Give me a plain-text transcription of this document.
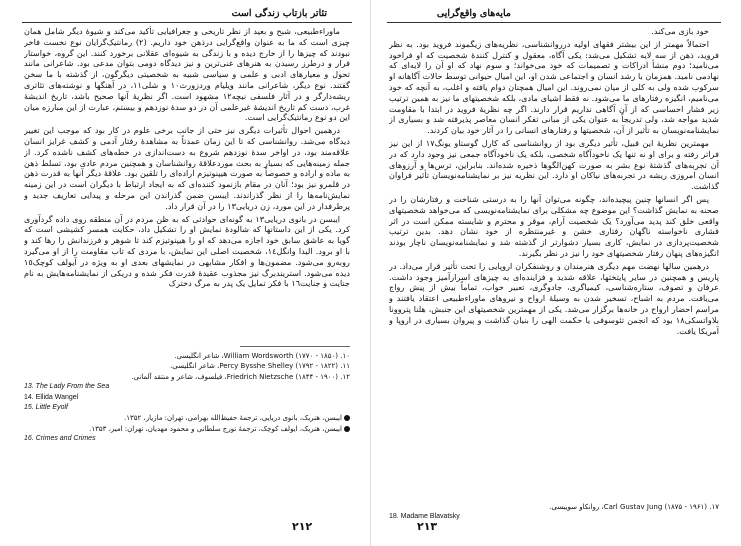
تئاتر بازتاب زندگی است

ماوراءطبیعی، شبح و بعید از نظر تاریخی و جغرافیایی تأکید می‌کند و شیوهٔ دیگر شامل همان چیزی است که ما به عنوان واقع‌گرایی درذهن خود داریم. (۲) رمانتیک‌گرایان نوع نخست فاخر نبودند که چیزها را از خارج دیده و با زندگی به شیوه‌ای عقلانی برخورد کنند. این گروه، خواستار فرار و درطرز رسیدن به هنرهای غنی‌ترین و نیز دیدگاه دومی بتوان مدعی بود. شاعرانی مانند تحول و معیارهای ادبی و علمی و سیاسی شبیه به شخصیتی دیگرگون، از گذشته با ما سخن گفتند. نوع دیگر، شاعرانی مانند ویلیام وردزورث١٠ و شلی١١، در آهنگها و نوشته‌های تئاتری ریشه‌دارگر و در آثار فلسفی نیچه١٢ مشهود است. اگر نظریهٔ آنها صحیح باشد، تاریخ اندیشهٔ غرب، دست کم تاریخ اندیشهٔ غیرعلمی آن در دو سدهٔ نوزدهم و بیستم، عبارت از این مبارزه میان این دو نوع رمانتیک‌گرایی است.

درهمین احوال تأثیرات دیگری نیز حتی از جانب برخی علوم در کار بود که موجب این تغییر دیدگاه می‌شد. روانشناسی که تا این زمان عمدتاً به مشاهدهٔ رفتار آدمی و کشف غرایز انسان علاقه‌مند بود، در اواخر سدهٔ نوزدهم شروع به دست‌اندازی در خطه‌های کشف ناشده کرد. از جمله زمینه‌هایی که بسیار به بحث موردعلاقهٔ روانشناسان و همچنین مردم عادی بود، تسلط ذهن به ماده و اراده و خصوصاً به صورت هیپنوتیزم اراده‌ای را تلقین بود. علاقهٔ دیگر آنها به قدرت ذهن در قلمرو نیز بود؛ آنان در مقام بازنمود کننده‌ای که به ایجاد ارتباط با دیگران است در این زمینه نمایش‌نامه‌ها را از نظر گذراندند. ایبسن ضمن گذراندن این مرحله و پیدایی تعاریف جدید و پرطرفدار در این مورد، زن دریایی١٣ را در آن قرار داد.

ایبسن در بانوی دریایی١٣ به گونه‌ای حوادثی که به ظن مردم در آن منطقه روی داده گردآوری کرد. یکی از این داستانها که شالودهٔ نمایش او را تشکیل داد، حکایت همسر کشیشی است که گویا به عاشق سابق خود اجازه می‌دهد که او را هیپنوتیزم کند تا شوهر و فرزندانش را رها کند و با او برود. الیدا وانگل١٤، شخصیت اصلی این نمایش، با مردی که تاب مقاومت را از او می‌گیرد روبه‌رو می‌شود. مضمون‌ها و افکار مشابهی در نمایشهای بعدی او به ویژه در آیولف کوچک١٥ دیده می‌شود. استریندبرگ نیز مجذوب عقیدهٔ قدرت فکر شده و دریکی از نمایشنامه‌هایش به نام جنایت و جنایت١٦ با فکر تمایل یک پدر به مرگ دخترک

۱۰. William Wordsworth (۱۷۷۰ - ۱۸۵۰)، شاعر انگلیسی.
۱۱. Percy Bysshe Shelley (۱۷۹۲ - ۱۸۲۲)، شاعر انگلیسی.
۱۲. Friedrich Nietzsche (۱۸۴۴ - ۱۹۰۰)، فیلسوف، شاعر و منتقد آلمانی.
13. The Lady From the Sea
14. Ellida Wangel
15. Little Eyolf
ایبسن، هنریک، بانوی دریایی، ترجمهٔ حفیظ‌الله بهرامی، تهران: مازیار، ۱۳۵۲.
ایبسن، هنریک، ایولف کوچک، ترجمهٔ تورج سلطانی و محمود مهدیان، تهران: امیر، ۱۳۵۳.
16. Crimes and Crimes
۲۱۲
مایه‌های واقع‌گرایی

خود بازی می‌کند.

احتمالاً مهمتر از این بیشتر فقهای اولیه درروانشناسی، نظریه‌های زیگموند فروید بود. به نظر فروید، ذهن از سه لایه تشکیل می‌شد: یکی آگاه، معقول و کنترل کنندهٔ شخصیت که او فراخود می‌نامید؛ دوم منشأ ادراکات و تصمیمات که خود می‌خواند؛ و سوم نهاد که او آن را لایه‌ای که نهادمی نامید. همزمان با رشد انسان و اجتماعی شدن او، این امیال حیوانی توسط حالات آگاهانه او سرکوب شده ولی به کلی از میان نمی‌روند. این امیال همچنان دوام یافته و اغلب، به آنچه که خود می‌نامیم، انگیزه رفتارهای ما می‌شود. نه فقط اشیای مادی، بلکه شخصیتهای ما نیز به همین ترتیب زیر فشار احساسی که از آن آگاهی نداریم قرار دارند. اگر چه نظریهٔ فروید در ابتدا با مقاومت شدید مواجه شد، ولی تدریجاً به عنوان یکی از مبانی تفکر انسان معاصر پذیرفته شد و بسیاری از نمایشنامه‌نویسان به تأثیر از آن، شخصیتها و رفتارهای انسانی را در آثار خود بیان کردند.

مهمترین نظریهٔ این قبیل، تأثیر دیگری بود از روانشناسی که کارل گوستاو یونگ١٧ از این نیز فراتر رفته و برای او نه تنها یک ناخودآگاه شخصی، بلکه یک ناخودآگاه جمعی نیز وجود دارد که در آن تجربه‌های گذشتهٔ نوع بشر به صورت کهن‌الگوها ذخیره شده‌اند. بنابراین، ترس‌ها و آرزوهای انسان امروزی ریشه در تجربه‌های نیاکان او دارد. این نظریه نیز بر نمایشنامه‌نویسان تأثیر فراوان گذاشت.

پس اگر انسانها چنین پیچیده‌اند، چگونه می‌توان آنها را به درستی شناخت و رفتارشان را در صحنه به نمایش گذاشت؟ این موضوع چه مشکلی برای نمایشنامه‌نویسی که می‌خواهد شخصیتهای واقعی خلق کند پدید می‌آورد؟ یک شخصیت آرام، موقر و محترم و شایسته ممکن است در اثر فشاری ناخواسته ناگهان رفتاری خشن و غیرمنتظره از خود نشان دهد. بدین ترتیب شخصیت‌پردازی در نمایش، کاری بسیار دشوارتر از گذشته شد و نمایشنامه‌نویسان ناچار بودند انگیزه‌های پنهان رفتار شخصیتهای خود را نیز در نظر بگیرند.

درهمین سالها نهضت مهم دیگری هنرمندان و روشنفکران اروپایی را تحت تأثیر قرار می‌داد. در پاریس و همچنین در سایر پایتختها، علاقه شدید و فزاینده‌ای به چیزهای اسرارآمیز وجود داشت. عرفان و تصوف، ستاره‌شناسی، کیمیاگری، جادوگری، تعبیر خواب، تماماً بیش از پیش رواج می‌یافت. مردم به اشباح، تسخیر شدن به وسیلهٔ ارواح و نیروهای ماوراءطبیعی اعتقاد یافتند و مراسم احضار ارواح در خانه‌ها برگزار می‌شد. یکی از مهمترین شخصیتهای این جنبش، هلنا پتروونا بلاواتسکی١٨ بود که انجمن تئوسوفی یا حکمت الهی را بنیان گذاشت و پیروان بسیاری در اروپا و آمریکا یافت.

۱۷. Carl Gustav Jung (۱۸۷۵ - ۱۹۶۱)، روانکاو سوییسی.
18. Madame Blavatsky
۲۱۳
